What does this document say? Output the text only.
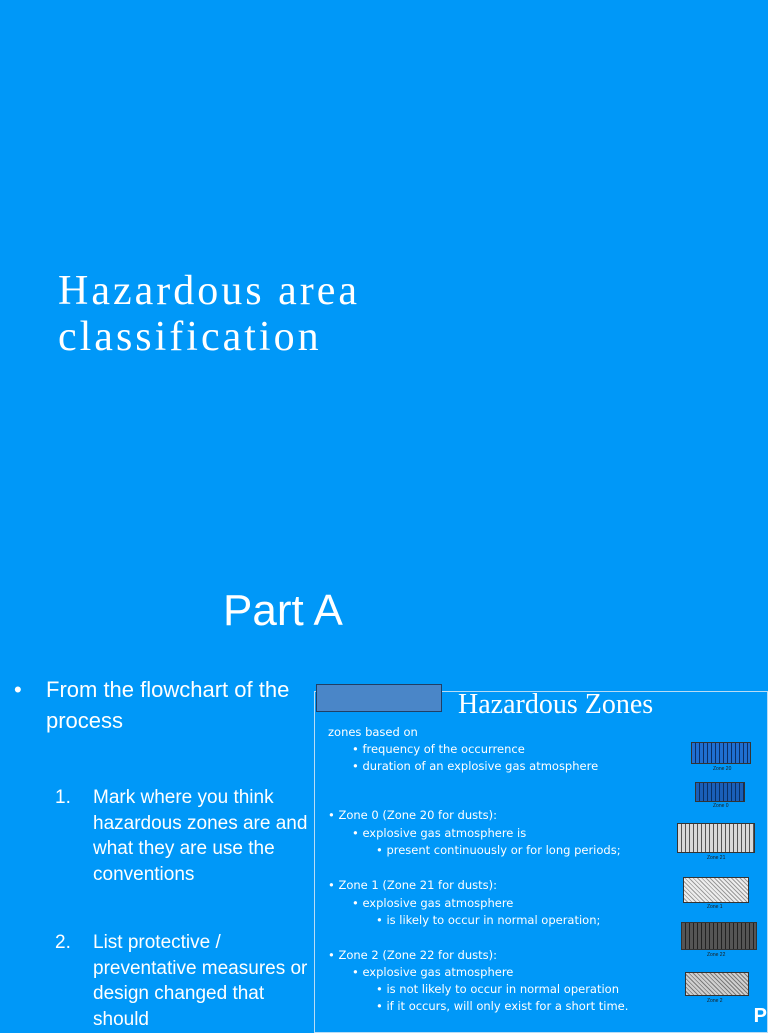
Hazardous area
classification
Part A
• From the flowchart of the process
1. Mark where you think hazardous zones are and what they are use the conventions
2. List protective / preventative measures or design changed that should
Hazardous Zones
zones based on
• frequency of the occurrence
• duration of an explosive gas atmosphere
• Zone 0 (Zone 20 for dusts):
• explosive gas atmosphere is
• present continuously or for long periods;
• Zone 1 (Zone 21 for dusts):
• explosive gas atmosphere
• is likely to occur in normal operation;
• Zone 2 (Zone 22 for dusts):
• explosive gas atmosphere
• is not likely to occur in normal operation
• if it occurs, will only exist for a short time.
Zone 20
Zone 0
Zone 21
Zone 1
Zone 22
Zone 2
P
